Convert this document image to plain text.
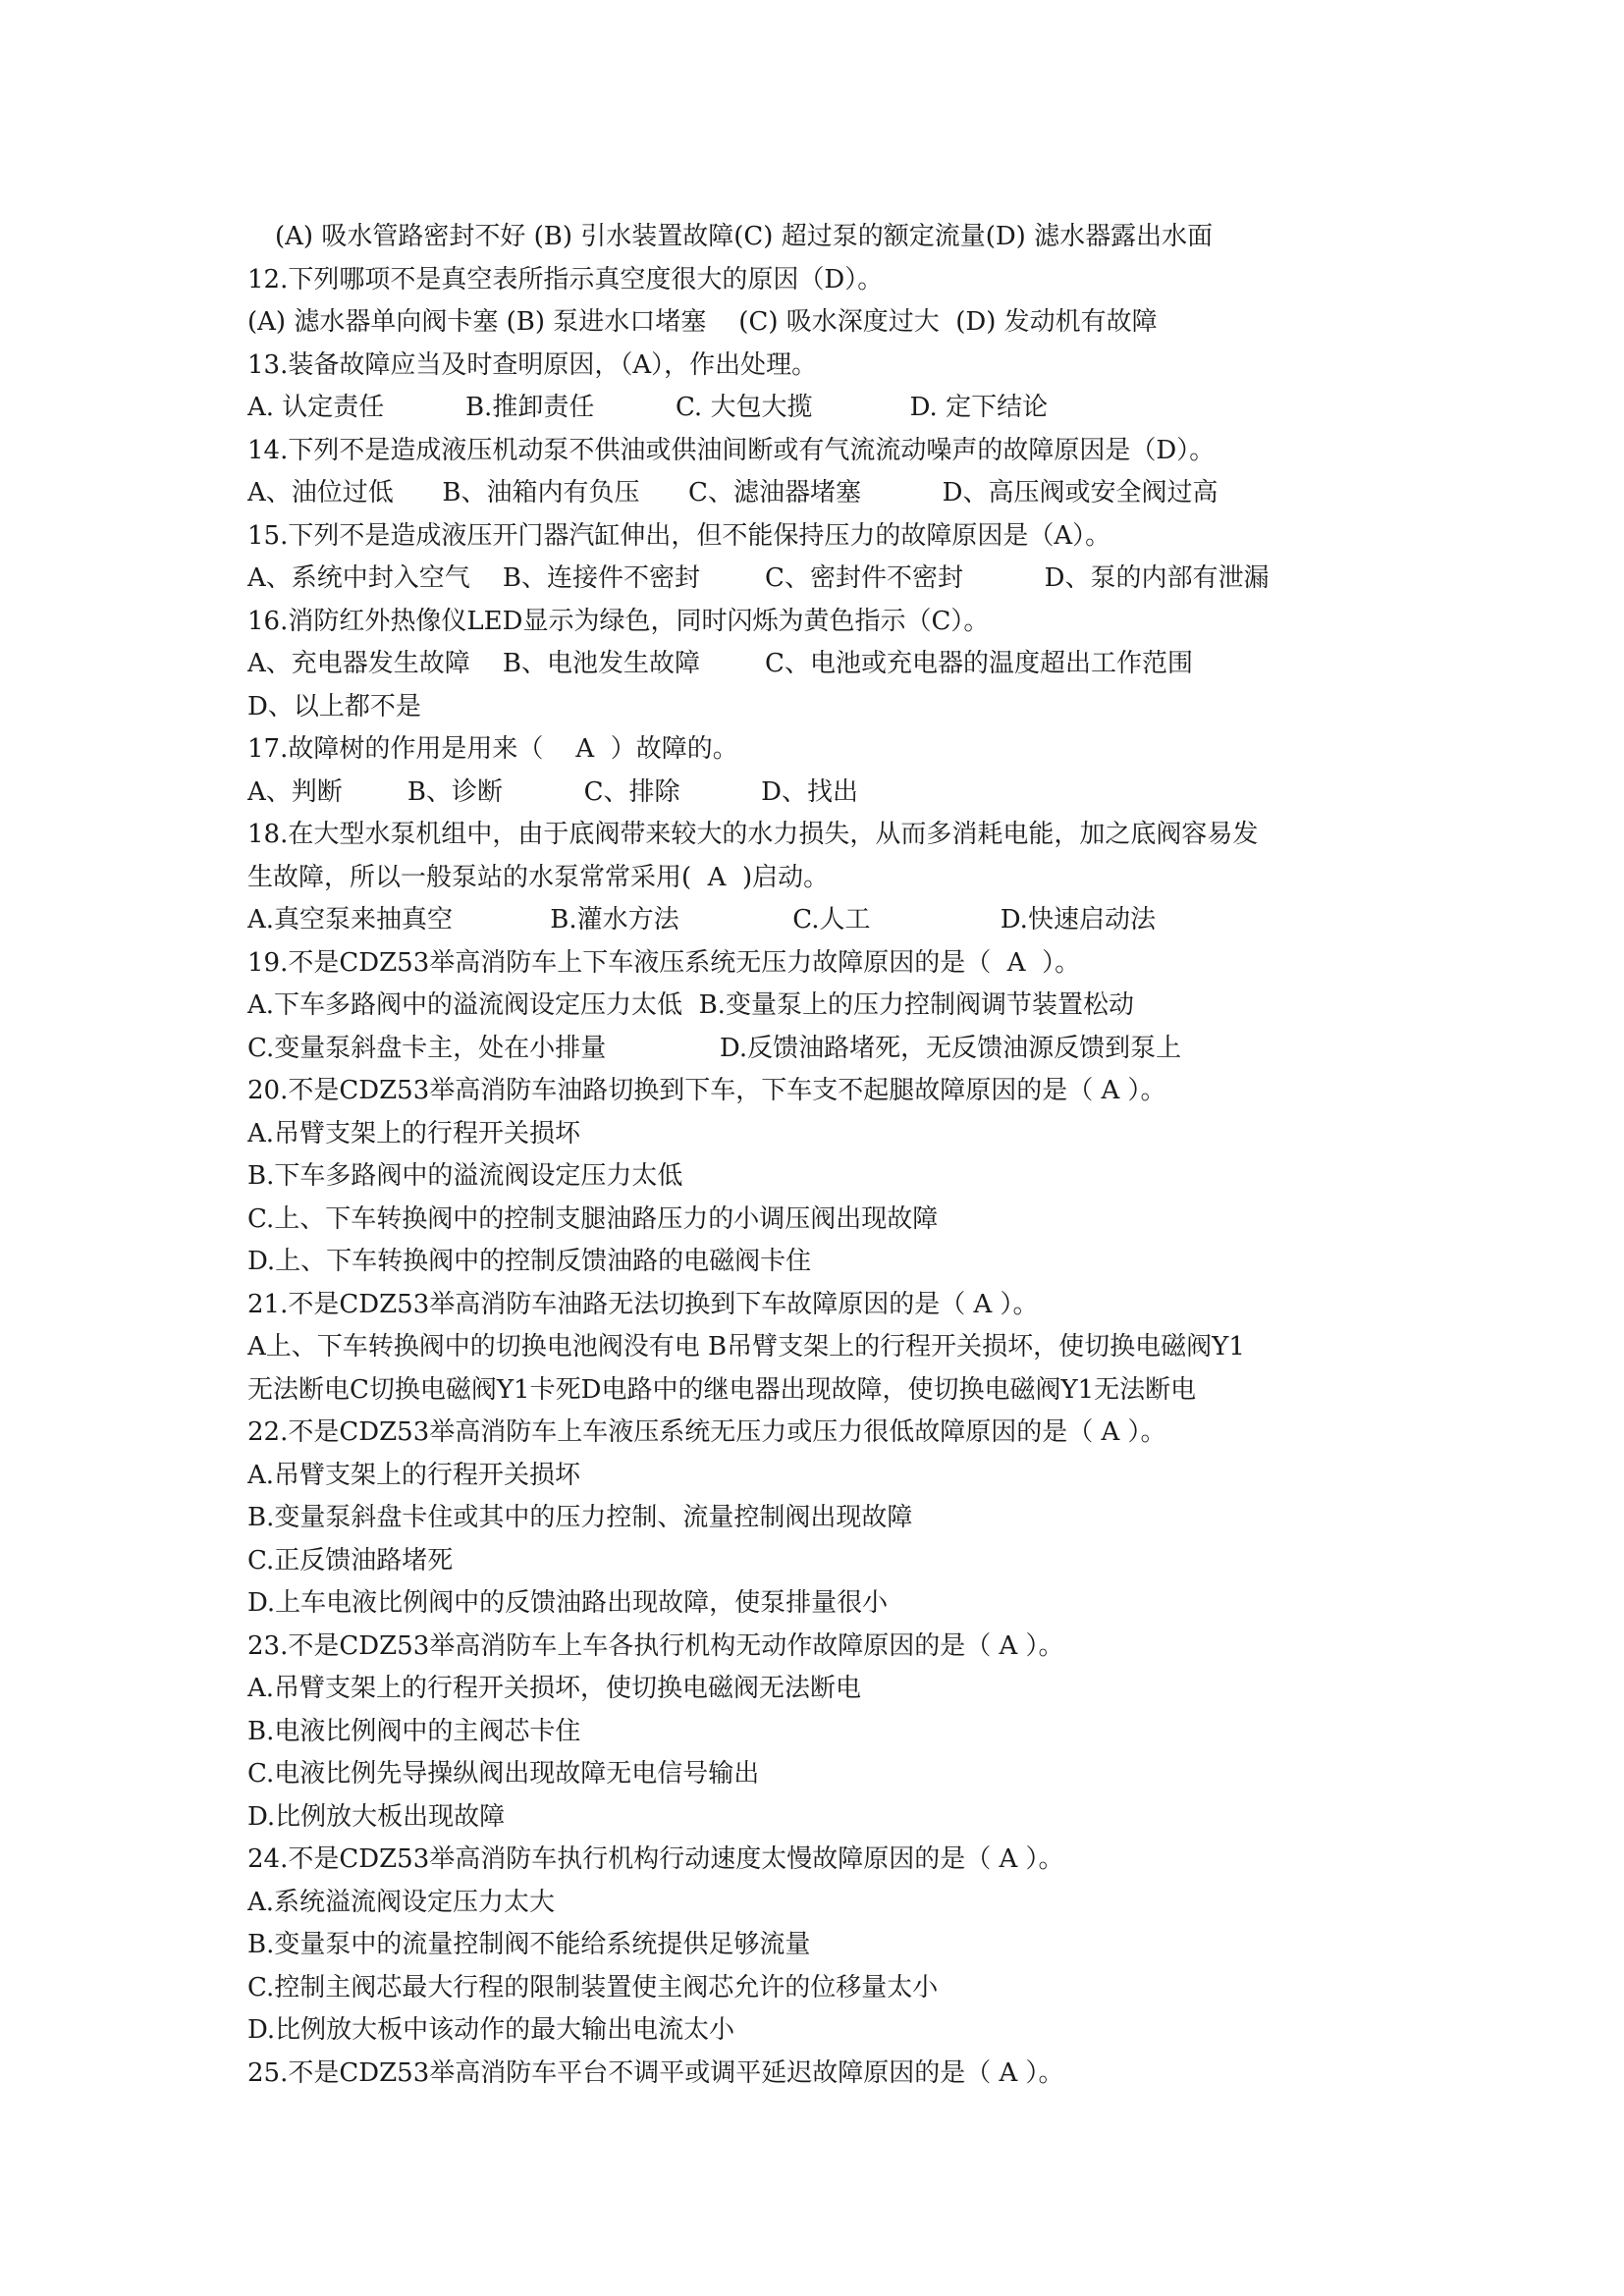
(A) 吸水管路密封不好 (B) 引水装置故障(C) 超过泵的额定流量(D) 滤水器露出水面
12.下列哪项不是真空表所指示真空度很大的原因（D）。
(A) 滤水器单向阀卡塞 (B) 泵进水口堵塞    (C) 吸水深度过大  (D) 发动机有故障
13.装备故障应当及时查明原因，（A），作出处理。
A. 认定责任          B.推卸责任          C. 大包大揽            D. 定下结论
14.下列不是造成液压机动泵不供油或供油间断或有气流流动噪声的故障原因是（D）。
A、油位过低      B、油箱内有负压      C、滤油器堵塞          D、高压阀或安全阀过高
15.下列不是造成液压开门器汽缸伸出，但不能保持压力的故障原因是（A）。
A、系统中封入空气    B、连接件不密封        C、密封件不密封          D、泵的内部有泄漏
16.消防红外热像仪LED显示为绿色，同时闪烁为黄色指示（C）。
A、充电器发生故障    B、电池发生故障        C、电池或充电器的温度超出工作范围
D、以上都不是
17.故障树的作用是用来（    A  ）故障的。
A、判断        B、诊断          C、排除          D、找出
18.在大型水泵机组中，由于底阀带来较大的水力损失，从而多消耗电能，加之底阀容易发
生故障，所以一般泵站的水泵常常采用(  A  )启动。
A.真空泵来抽真空            B.灌水方法              C.人工                D.快速启动法
19.不是CDZ53举高消防车上下车液压系统无压力故障原因的是（  A  ）。
A.下车多路阀中的溢流阀设定压力太低  B.变量泵上的压力控制阀调节装置松动
C.变量泵斜盘卡主，处在小排量              D.反馈油路堵死，无反馈油源反馈到泵上
20.不是CDZ53举高消防车油路切换到下车，下车支不起腿故障原因的是（ A ）。
A.吊臂支架上的行程开关损坏
B.下车多路阀中的溢流阀设定压力太低
C.上、下车转换阀中的控制支腿油路压力的小调压阀出现故障
D.上、下车转换阀中的控制反馈油路的电磁阀卡住
21.不是CDZ53举高消防车油路无法切换到下车故障原因的是（ A ）。
A上、下车转换阀中的切换电池阀没有电 B吊臂支架上的行程开关损坏，使切换电磁阀Y1
无法断电C切换电磁阀Y1卡死D电路中的继电器出现故障，使切换电磁阀Y1无法断电
22.不是CDZ53举高消防车上车液压系统无压力或压力很低故障原因的是（ A ）。
A.吊臂支架上的行程开关损坏
B.变量泵斜盘卡住或其中的压力控制、流量控制阀出现故障
C.正反馈油路堵死
D.上车电液比例阀中的反馈油路出现故障，使泵排量很小
23.不是CDZ53举高消防车上车各执行机构无动作故障原因的是（ A ）。
A.吊臂支架上的行程开关损坏，使切换电磁阀无法断电
B.电液比例阀中的主阀芯卡住
C.电液比例先导操纵阀出现故障无电信号输出
D.比例放大板出现故障
24.不是CDZ53举高消防车执行机构行动速度太慢故障原因的是（ A ）。
A.系统溢流阀设定压力太大
B.变量泵中的流量控制阀不能给系统提供足够流量
C.控制主阀芯最大行程的限制装置使主阀芯允许的位移量太小
D.比例放大板中该动作的最大输出电流太小
25.不是CDZ53举高消防车平台不调平或调平延迟故障原因的是（ A ）。
